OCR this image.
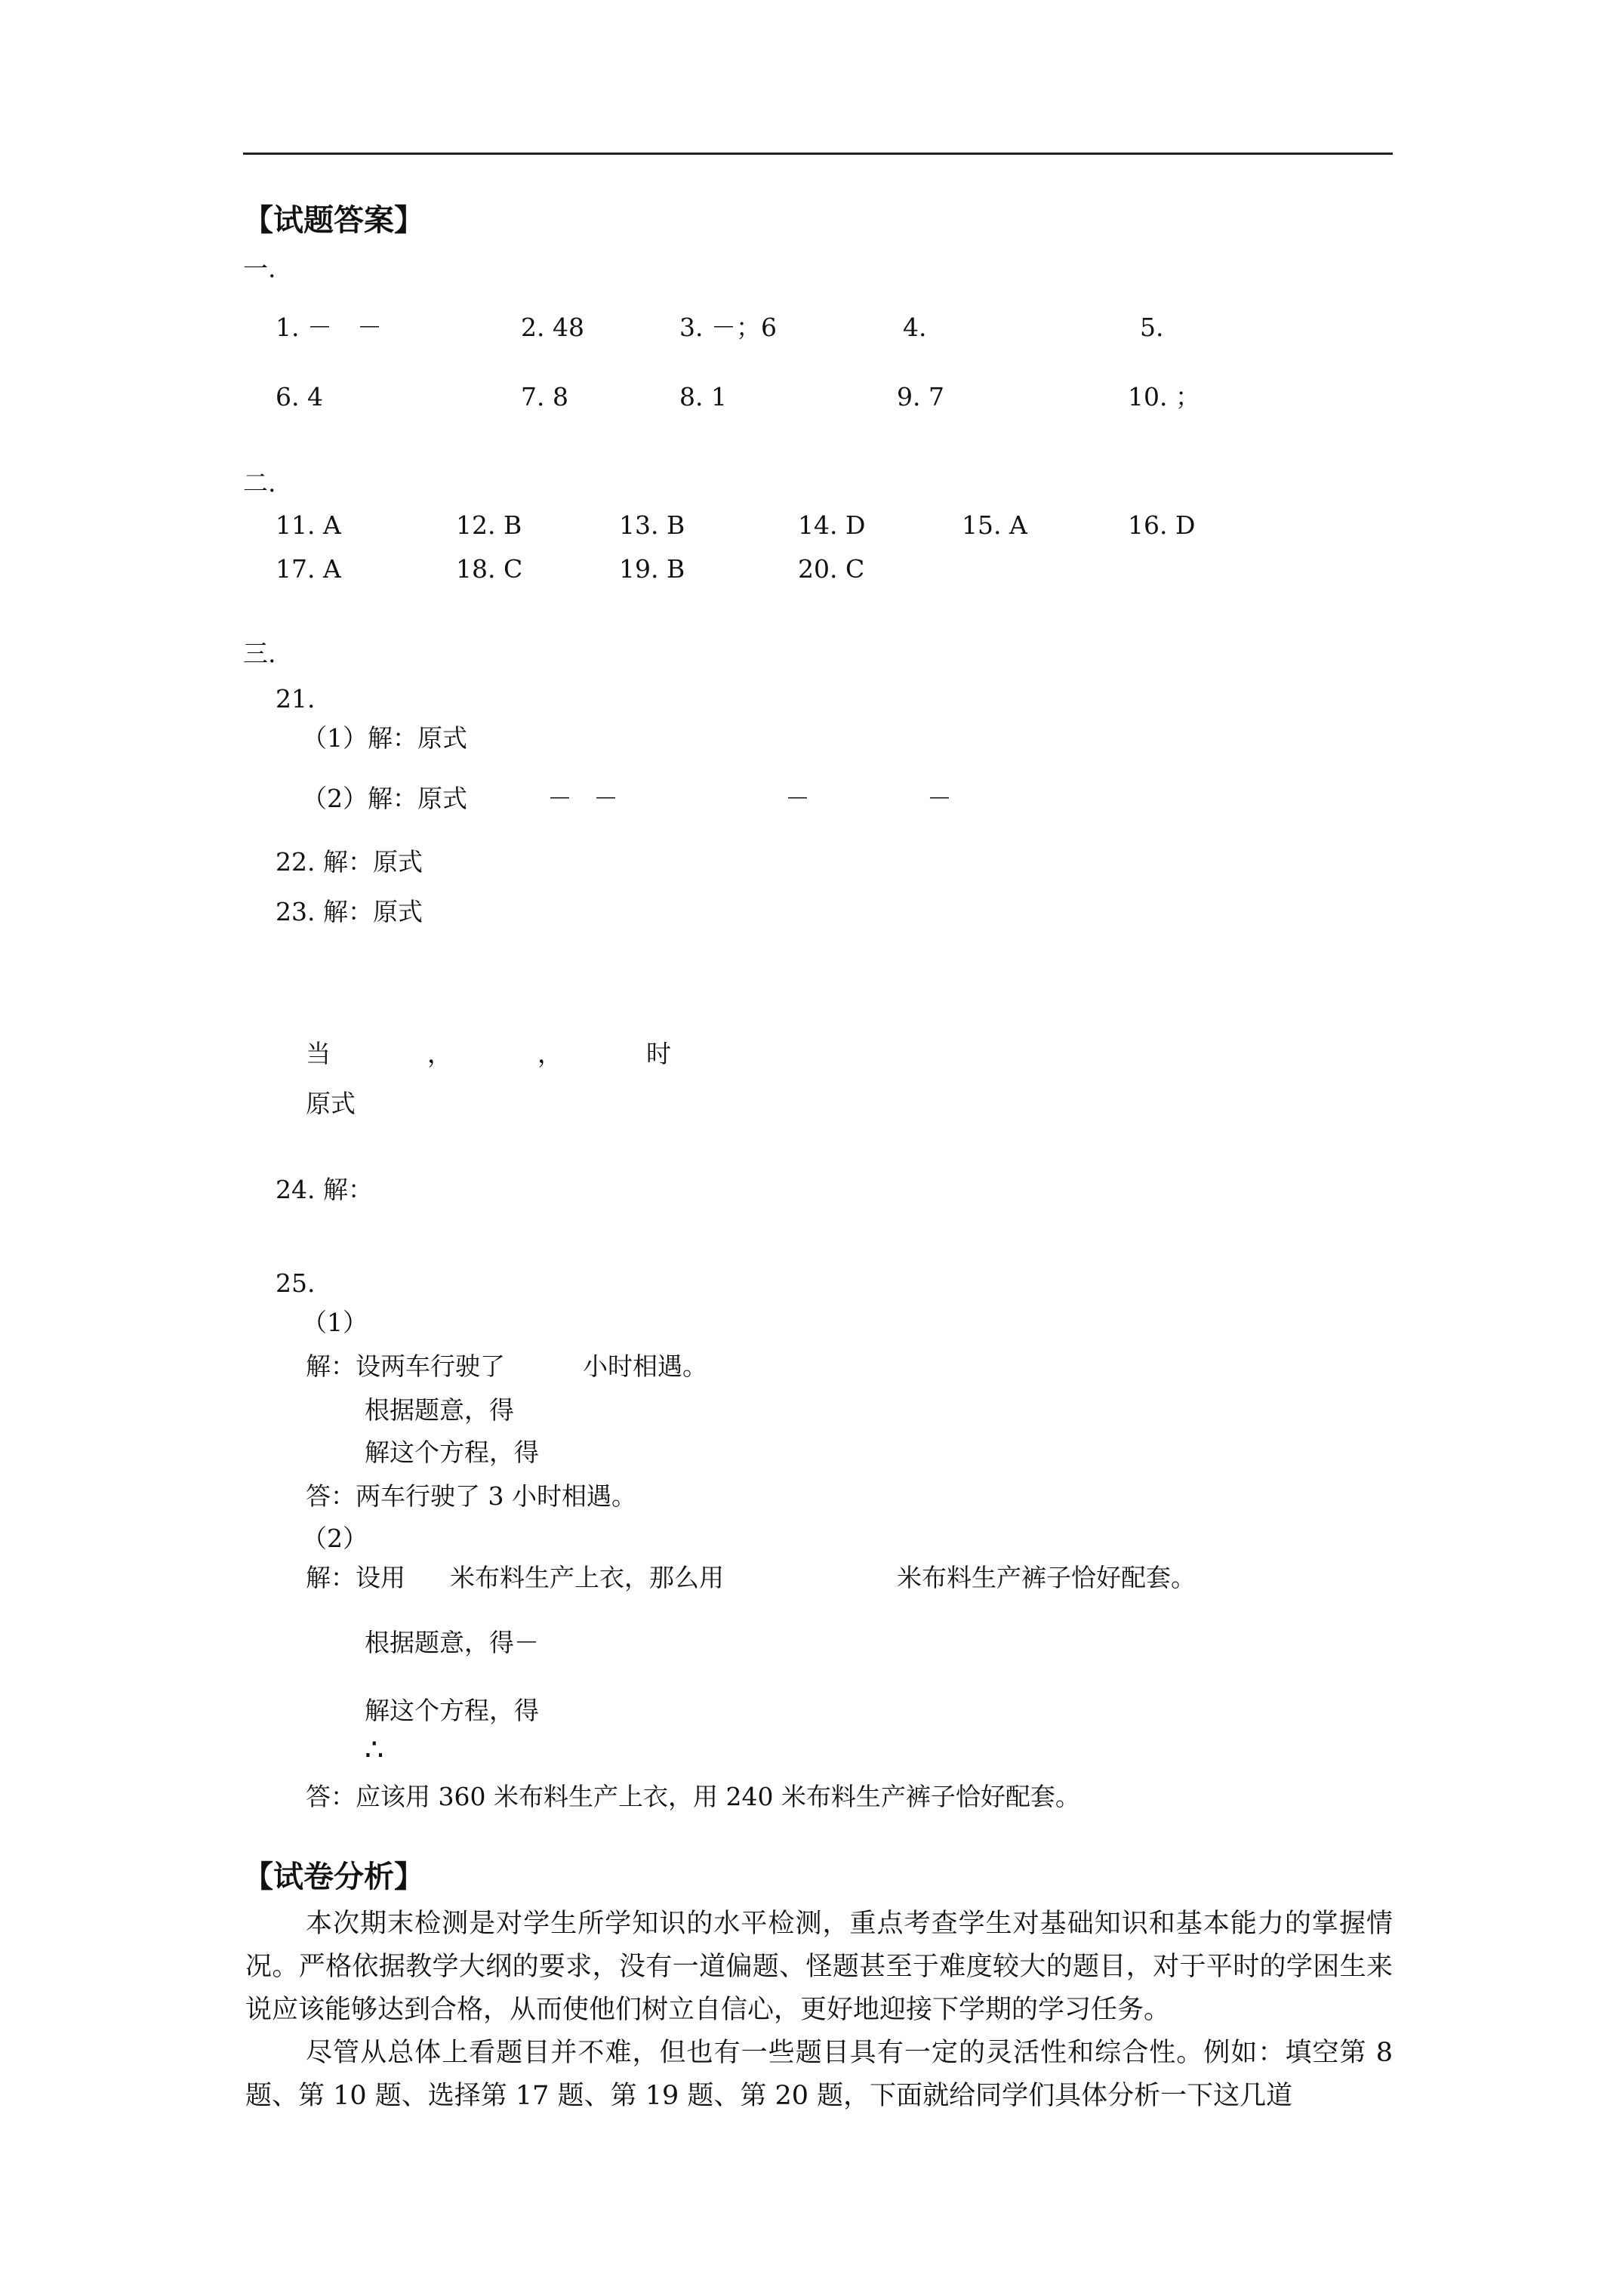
【试题答案】
一.
1. －　－	2. 48	3. －；6	4.	5.
6. 4	7. 8	8. 1	9. 7	10. ；
二.
11. A	12. B	13. B	14. D	15. A	16. D
17. A	18. C	19. B	20. C
三.
21.
（1）解：原式
（2）解：原式	－ －	－	－
22. 解：原式
23. 解：原式
当	，	，	时
原式
24. 解：
25.
（1）
解：设两车行驶了	小时相遇。
根据题意，得
解这个方程，得
答：两车行驶了 3 小时相遇。
（2）
解：设用 米布料生产上衣，那么用	米布料生产裤子恰好配套。
根据题意，得－
解这个方程，得
∴
答：应该用 360 米布料生产上衣，用 240 米布料生产裤子恰好配套。
【试卷分析】

本次期末检测是对学生所学知识的水平检测，重点考查学生对基础知识和基本能力的掌握情况。严格依据教学大纲的要求，没有一道偏题、怪题甚至于难度较大的题目，对于平时的学困生来说应该能够达到合格，从而使他们树立自信心，更好地迎接下学期的学习任务。

尽管从总体上看题目并不难，但也有一些题目具有一定的灵活性和综合性。例如：填空第 8 题、第 10 题、选择第 17 题、第 19 题、第 20 题，下面就给同学们具体分析一下这几道
